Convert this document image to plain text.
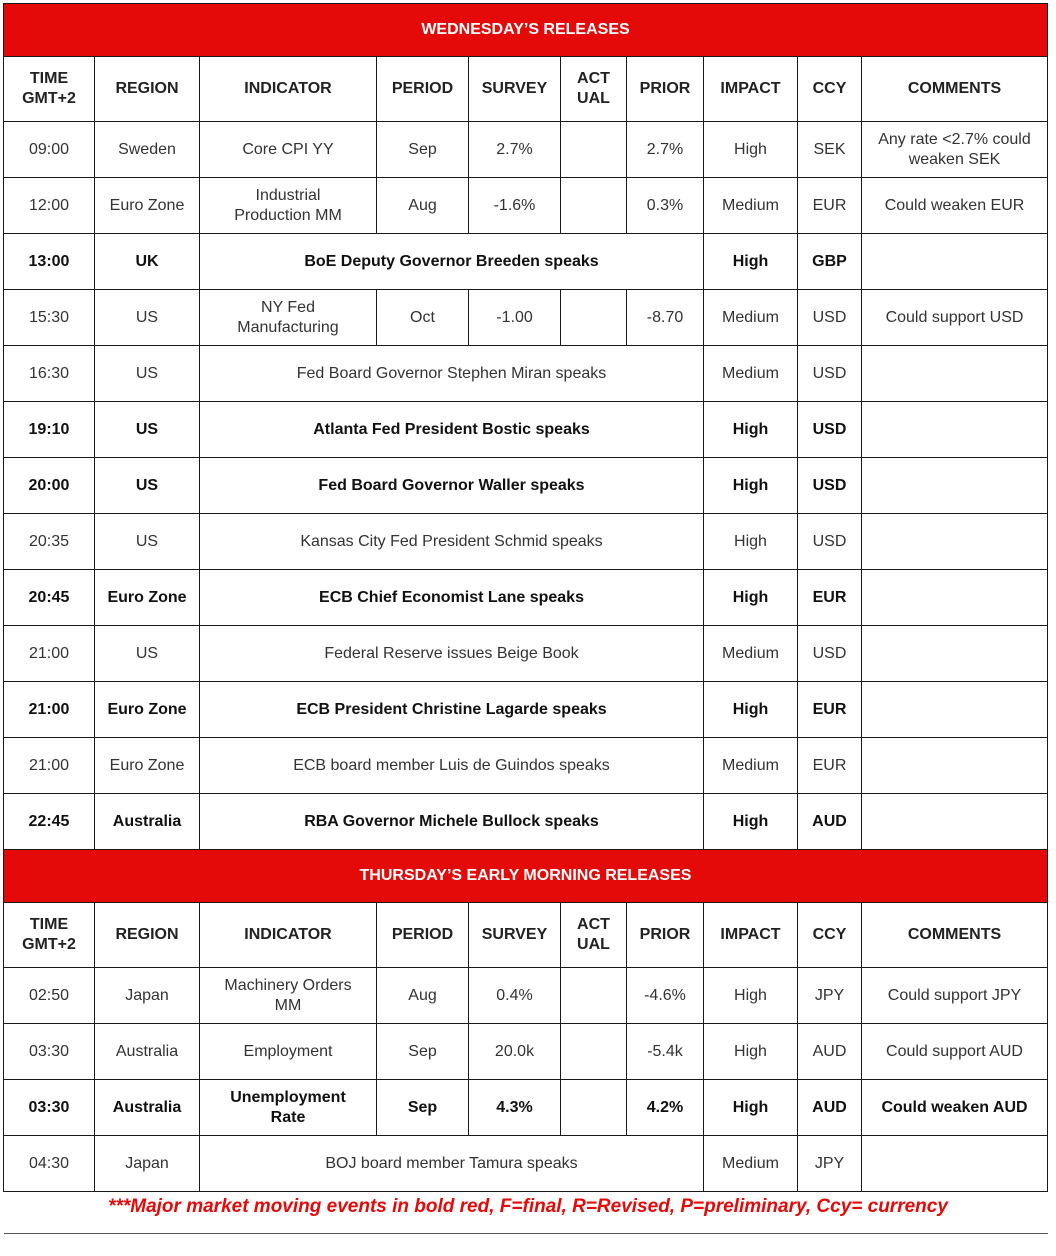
WEDNESDAY’S RELEASES									
TIME
GMT+2	REGION	INDICATOR	PERIOD	SURVEY	ACT
UAL	PRIOR	IMPACT	CCY	COMMENTS
09:00	Sweden	Core CPI YY	Sep	2.7%		2.7%	High	SEK	Any rate <2.7% could
weaken SEK
12:00	Euro Zone	Industrial
Production MM	Aug	-1.6%		0.3%	Medium	EUR	Could weaken EUR
13:00	UK	BoE Deputy Governor Breeden speaks					High	GBP	
15:30	US	NY Fed
Manufacturing	Oct	-1.00		-8.70	Medium	USD	Could support USD
16:30	US	Fed Board Governor Stephen Miran speaks					Medium	USD	
19:10	US	Atlanta Fed President Bostic speaks					High	USD	
20:00	US	Fed Board Governor Waller speaks					High	USD	
20:35	US	Kansas City Fed President Schmid speaks					High	USD	
20:45	Euro Zone	ECB Chief Economist Lane speaks					High	EUR	
21:00	US	Federal Reserve issues Beige Book					Medium	USD	
21:00	Euro Zone	ECB President Christine Lagarde speaks					High	EUR	
21:00	Euro Zone	ECB board member Luis de Guindos speaks					Medium	EUR	
22:45	Australia	RBA Governor Michele Bullock speaks					High	AUD	
THURSDAY’S EARLY MORNING RELEASES									
TIME
GMT+2	REGION	INDICATOR	PERIOD	SURVEY	ACT
UAL	PRIOR	IMPACT	CCY	COMMENTS
02:50	Japan	Machinery Orders
MM	Aug	0.4%		-4.6%	High	JPY	Could support JPY
03:30	Australia	Employment	Sep	20.0k		-5.4k	High	AUD	Could support AUD
03:30	Australia	Unemployment
Rate	Sep	4.3%		4.2%	High	AUD	Could weaken AUD
04:30	Japan	BOJ board member Tamura speaks					Medium	JPY	
***Major market moving events in bold red, F=final, R=Revised, P=preliminary, Ccy= currency
